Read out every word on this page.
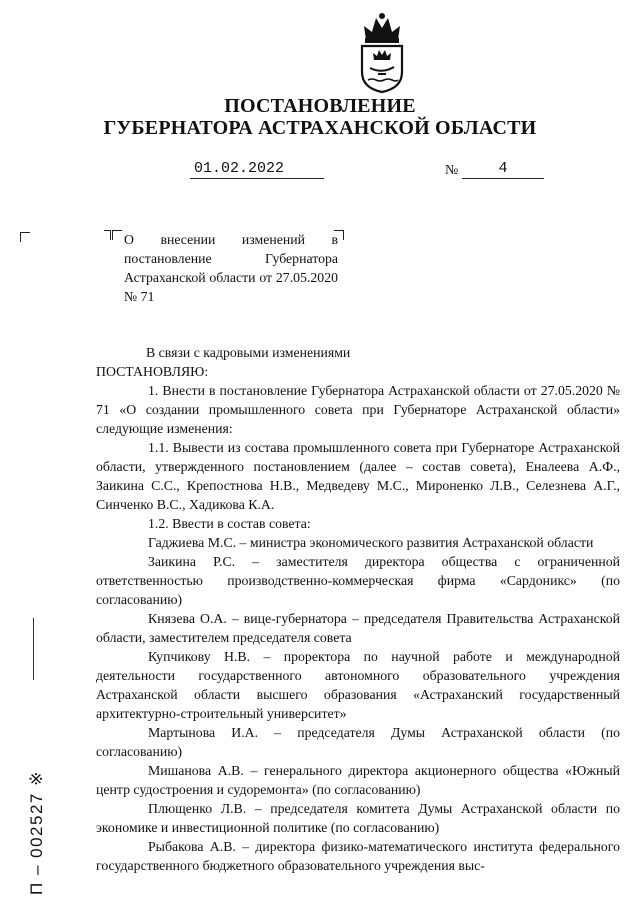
ПОСТАНОВЛЕНИЕ
ГУБЕРНАТОРА АСТРАХАНСКОЙ ОБЛАСТИ
01.02.2022	№	4
О внесении изменений в постановление Губернатора Астраханской области от 27.05.2020 № 71

В связи с кадровыми изменениями

ПОСТАНОВЛЯЮ:

1. Внести в постановление Губернатора Астраханской области от 27.05.2020 № 71 «О создании промышленного совета при Губернаторе Астраханской области» следующие изменения:

1.1. Вывести из состава промышленного совета при Губернаторе Астраханской области, утвержденного постановлением (далее – состав совета), Еналеева А.Ф., Заикина С.С., Крепостнова Н.В., Медведеву М.С., Мироненко Л.В., Селезнева А.Г., Синченко В.С., Хадикова К.А.

1.2. Ввести в состав совета:

Гаджиева М.С. – министра экономического развития Астраханской области

Заикина Р.С. – заместителя директора общества с ограниченной ответственностью производственно-коммерческая фирма «Сардоникс» (по согласованию)

Князева О.А. – вице-губернатора – председателя Правительства Астраханской области, заместителем председателя совета

Купчикову Н.В. – проректора по научной работе и международной деятельности государственного автономного образовательного учреждения Астраханской области высшего образования «Астраханский государственный архитектурно-строительный университет»

Мартынова И.А. – председателя Думы Астраханской области (по согласованию)

Мишанова А.В. – генерального директора акционерного общества «Южный центр судостроения и судоремонта» (по согласованию)

Плющенко Л.В. – председателя комитета Думы Астраханской области по экономике и инвестиционной политике (по согласованию)

Рыбакова А.В. – директора физико-математического института федерального государственного бюджетного образовательного учреждения выс-

П – 002527 ※
